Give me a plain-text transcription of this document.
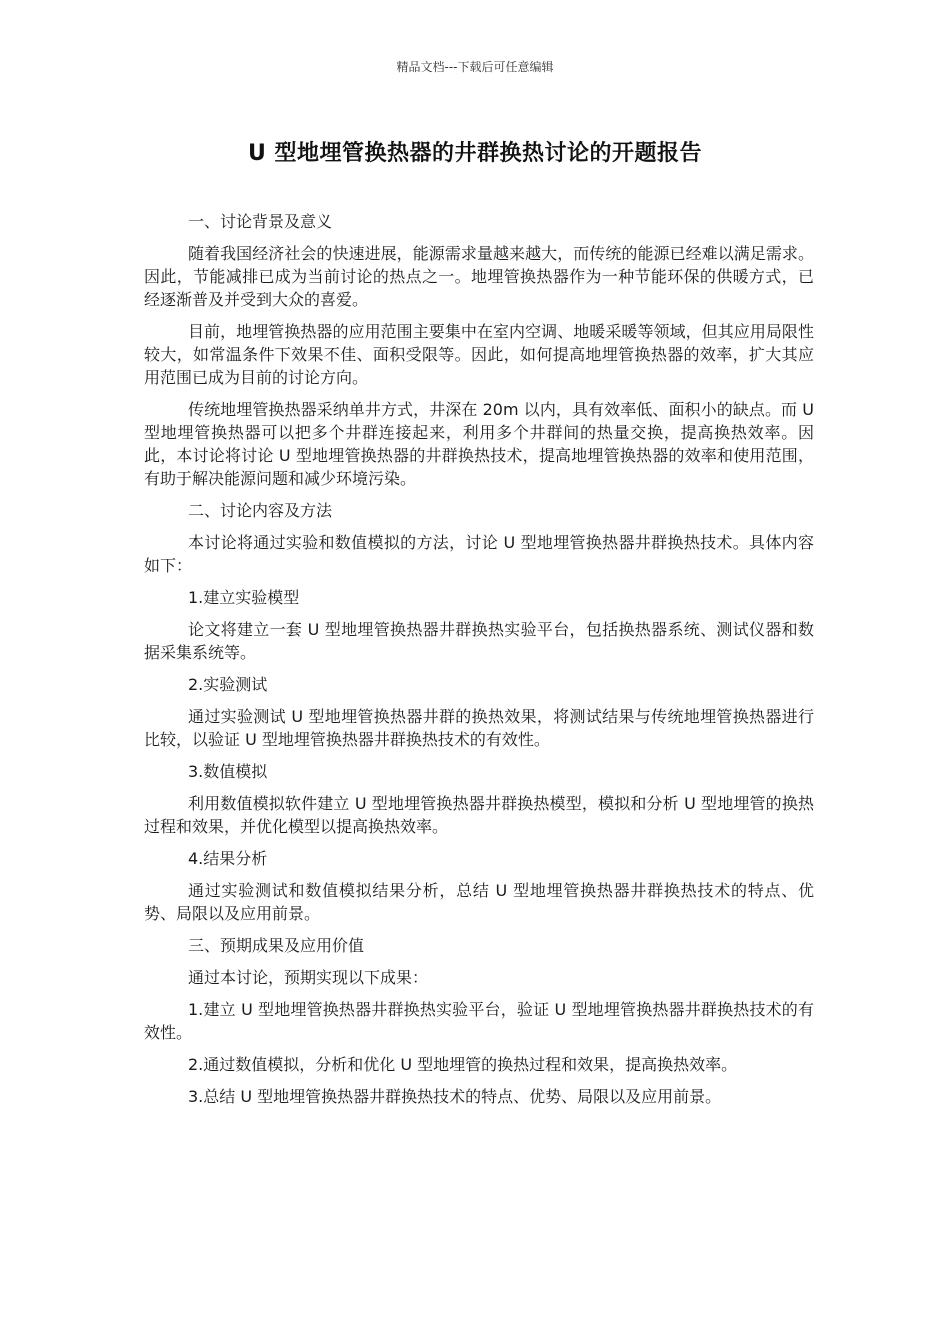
精品文档---下载后可任意编辑
U 型地埋管换热器的井群换热讨论的开题报告

一、讨论背景及意义

随着我国经济社会的快速进展，能源需求量越来越大，而传统的能源已经难以满足需求。因此，节能减排已成为当前讨论的热点之一。地埋管换热器作为一种节能环保的供暖方式，已经逐渐普及并受到大众的喜爱。

目前，地埋管换热器的应用范围主要集中在室内空调、地暖采暖等领域，但其应用局限性较大，如常温条件下效果不佳、面积受限等。因此，如何提高地埋管换热器的效率，扩大其应用范围已成为目前的讨论方向。

传统地埋管换热器采纳单井方式，井深在 20m 以内，具有效率低、面积小的缺点。而 U 型地埋管换热器可以把多个井群连接起来，利用多个井群间的热量交换，提高换热效率。因此，本讨论将讨论 U 型地埋管换热器的井群换热技术，提高地埋管换热器的效率和使用范围，有助于解决能源问题和减少环境污染。

二、讨论内容及方法

本讨论将通过实验和数值模拟的方法，讨论 U 型地埋管换热器井群换热技术。具体内容如下：

1.建立实验模型

论文将建立一套 U 型地埋管换热器井群换热实验平台，包括换热器系统、测试仪器和数据采集系统等。

2.实验测试

通过实验测试 U 型地埋管换热器井群的换热效果，将测试结果与传统地埋管换热器进行比较，以验证 U 型地埋管换热器井群换热技术的有效性。

3.数值模拟

利用数值模拟软件建立 U 型地埋管换热器井群换热模型，模拟和分析 U 型地埋管的换热过程和效果，并优化模型以提高换热效率。

4.结果分析

通过实验测试和数值模拟结果分析，总结 U 型地埋管换热器井群换热技术的特点、优势、局限以及应用前景。

三、预期成果及应用价值

通过本讨论，预期实现以下成果：

1.建立 U 型地埋管换热器井群换热实验平台，验证 U 型地埋管换热器井群换热技术的有效性。

2.通过数值模拟，分析和优化 U 型地埋管的换热过程和效果，提高换热效率。

3.总结 U 型地埋管换热器井群换热技术的特点、优势、局限以及应用前景。
